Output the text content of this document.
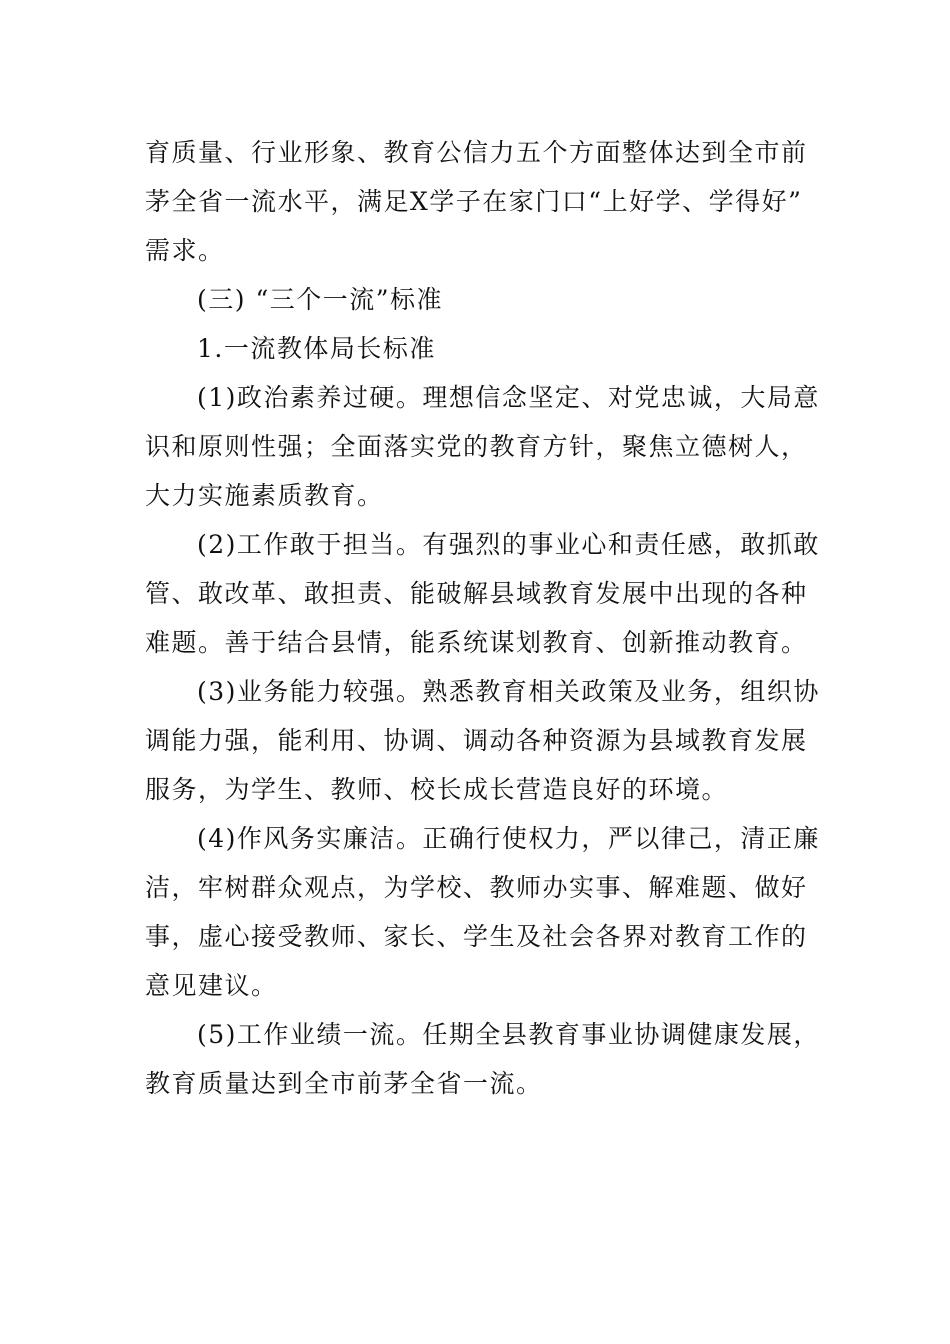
育质量、行业形象、教育公信力五个方面整体达到全市前
茅全省一流水平，满足X学子在家门口“上好学、学得好”
需求。
(三) “三个一流”标准
1.一流教体局长标准
(1)政治素养过硬。理想信念坚定、对党忠诚，大局意
识和原则性强；全面落实党的教育方针，聚焦立德树人，
大力实施素质教育。
(2)工作敢于担当。有强烈的事业心和责任感，敢抓敢
管、敢改革、敢担责、能破解县域教育发展中出现的各种
难题。善于结合县情，能系统谋划教育、创新推动教育。
(3)业务能力较强。熟悉教育相关政策及业务，组织协
调能力强，能利用、协调、调动各种资源为县域教育发展
服务，为学生、教师、校长成长营造良好的环境。
(4)作风务实廉洁。正确行使权力，严以律己，清正廉
洁，牢树群众观点，为学校、教师办实事、解难题、做好
事，虚心接受教师、家长、学生及社会各界对教育工作的
意见建议。
(5)工作业绩一流。任期全县教育事业协调健康发展，
教育质量达到全市前茅全省一流。
